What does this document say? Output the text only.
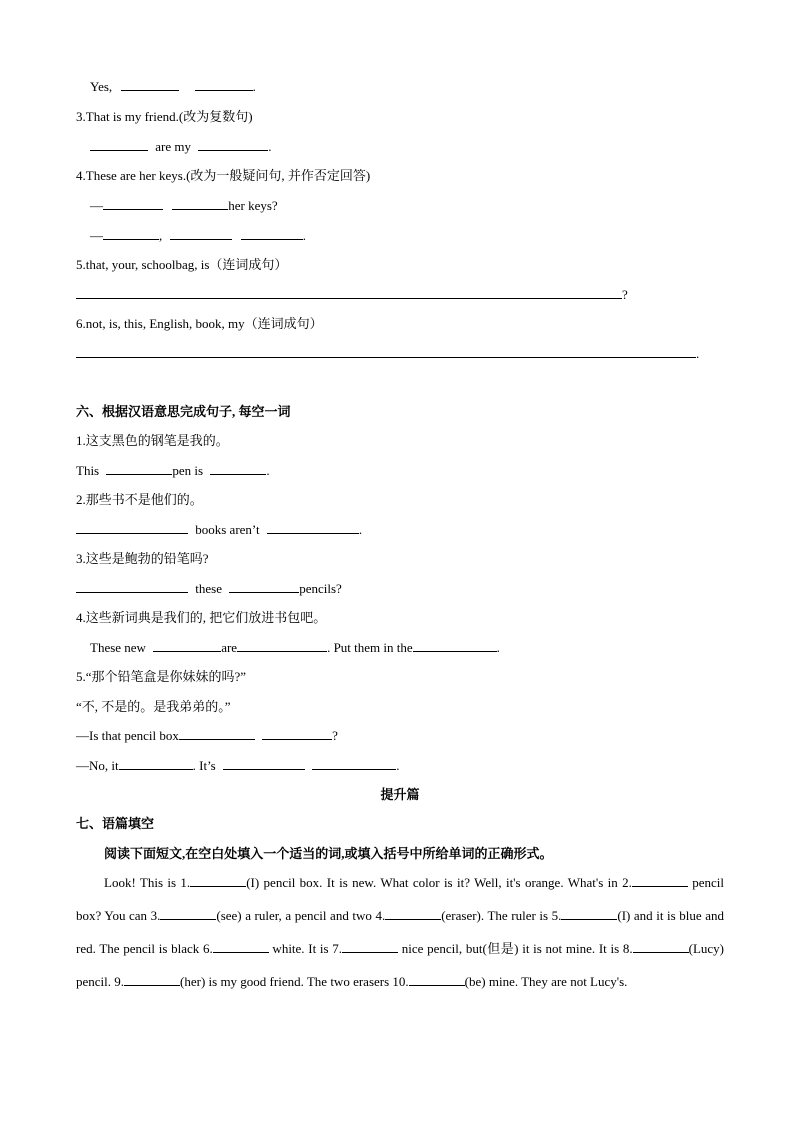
Yes,	.
3.That is my friend.(改为复数句)
are my	.
4.These are her keys.(改为一般疑问句, 并作否定回答)
—	her keys?
—	,	.
5.that, your, schoolbag, is（连词成句）
?
6.not, is, this, English, book, my（连词成句）
.
六、根据汉语意思完成句子, 每空一词
1.这支黑色的钢笔是我的。
This	pen is	.
2.那些书不是他们的。
books aren’t	.
3.这些是鲍勃的铅笔吗?
these	pencils?
4.这些新词典是我们的, 把它们放进书包吧。
These new	are	. Put them in the	.
5.“那个铅笔盒是你妹妹的吗?”
“不, 不是的。是我弟弟的。”
—Is that pencil box	?
—No, it	. It’s	.
提升篇
七、语篇填空
阅读下面短文,在空白处填入一个适当的词,或填入括号中所给单词的正确形式。
Look! This is 1.	(I) pencil box. It is new. What color is it? Well, it's orange. What's in 2.	pencil box? You can 3.	(see) a ruler, a pencil and two 4.	(eraser). The ruler is 5.	(I) and it is blue and red. The pencil is black 6.	white. It is 7.	nice pencil, but(但是) it is not mine. It is 8.	(Lucy) pencil. 9.	(her) is my good friend. The two erasers 10.	(be) mine. They are not Lucy's.
